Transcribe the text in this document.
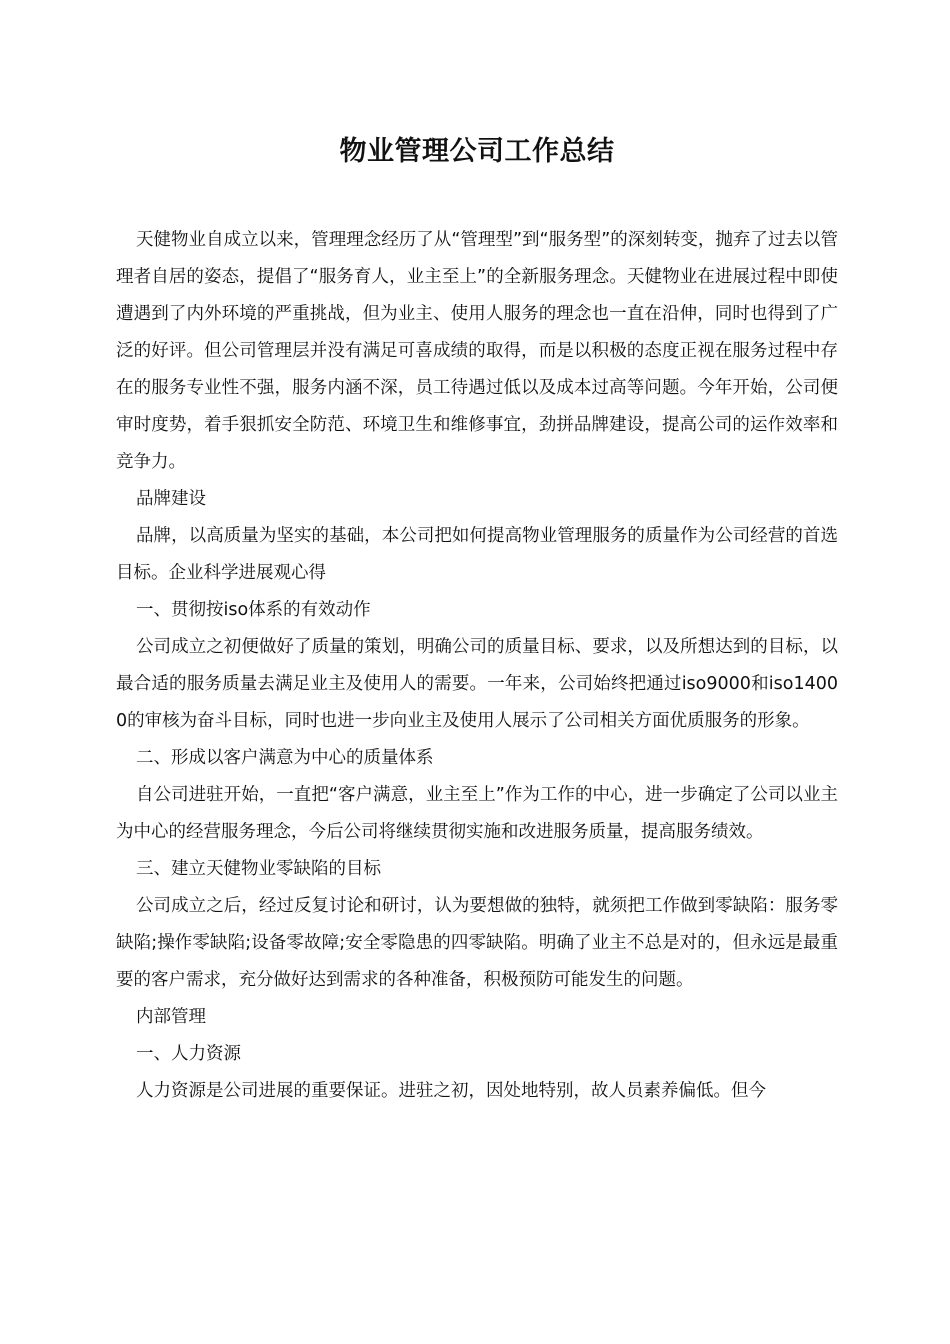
物业管理公司工作总结

天健物业自成立以来，管理理念经历了从“管理型”到“服务型”的深刻转变，抛弃了过去以管理者自居的姿态，提倡了“服务育人，业主至上”的全新服务理念。天健物业在进展过程中即使遭遇到了内外环境的严重挑战，但为业主、使用人服务的理念也一直在沿伸，同时也得到了广泛的好评。但公司管理层并没有满足可喜成绩的取得，而是以积极的态度正视在服务过程中存在的服务专业性不强，服务内涵不深，员工待遇过低以及成本过高等问题。今年开始，公司便审时度势，着手狠抓安全防范、环境卫生和维修事宜，劲拼品牌建设，提高公司的运作效率和竞争力。

品牌建设

品牌，以高质量为坚实的基础，本公司把如何提高物业管理服务的质量作为公司经营的首选目标。企业科学进展观心得

一、贯彻按iso体系的有效动作

公司成立之初便做好了质量的策划，明确公司的质量目标、要求，以及所想达到的目标，以最合适的服务质量去满足业主及使用人的需要。一年来，公司始终把通过iso9000和iso14000的审核为奋斗目标，同时也进一步向业主及使用人展示了公司相关方面优质服务的形象。

二、形成以客户满意为中心的质量体系

自公司进驻开始，一直把“客户满意，业主至上”作为工作的中心，进一步确定了公司以业主为中心的经营服务理念，今后公司将继续贯彻实施和改进服务质量，提高服务绩效。

三、建立天健物业零缺陷的目标

公司成立之后，经过反复讨论和研讨，认为要想做的独特，就须把工作做到零缺陷：服务零缺陷;操作零缺陷;设备零故障;安全零隐患的四零缺陷。明确了业主不总是对的，但永远是最重要的客户需求，充分做好达到需求的各种准备，积极预防可能发生的问题。

内部管理

一、人力资源

人力资源是公司进展的重要保证。进驻之初，因处地特别，故人员素养偏低。但今
